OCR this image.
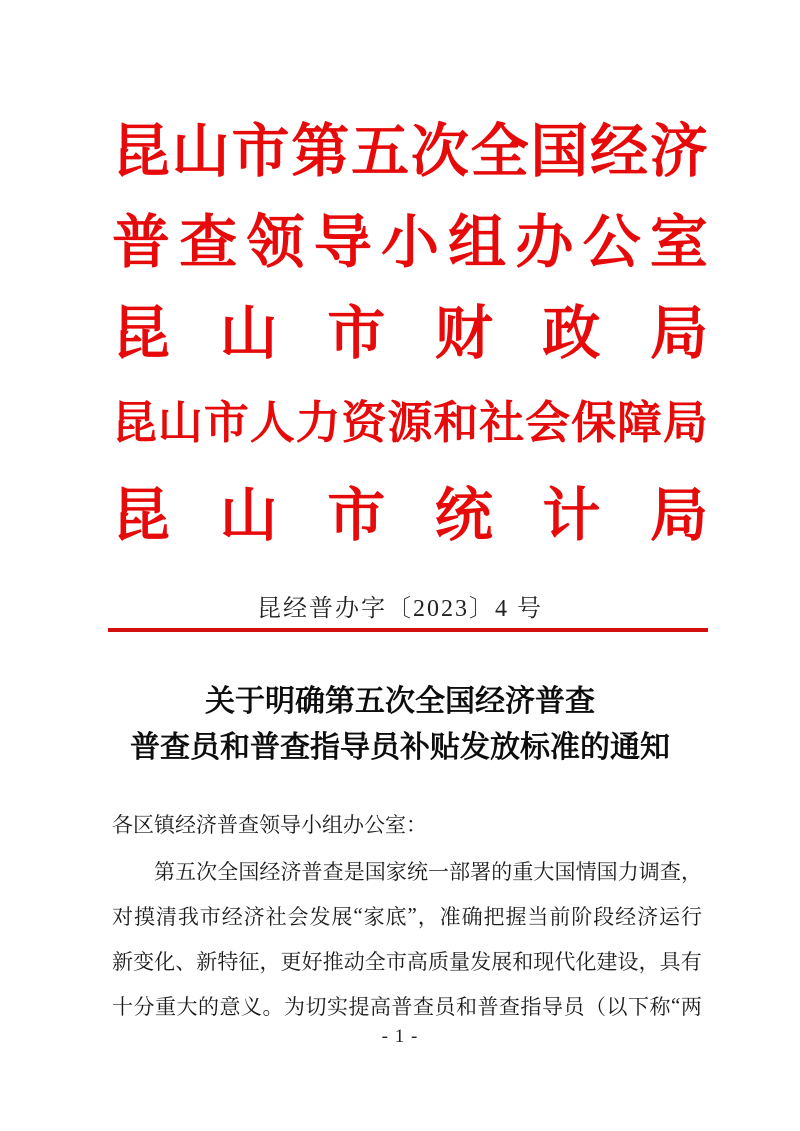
昆 山 市 第 五 次 全 国 经 济
普 查 领 导 小 组 办 公 室
昆 山 市 财 政 局
昆 山 市 人 力 资 源 和 社 会 保 障 局
昆 山 市 统 计 局
昆经普办字〔2023〕4 号
关于明确第五次全国经济普查
普查员和普查指导员补贴发放标准的通知
各区镇经济普查领导小组办公室：
第 五 次 全 国 经 济 普 查 是 国 家 统 一 部 署 的 重 大 国 情 国 力 调 查 ，
对 摸 清 我 市 经 济 社 会 发 展 “ 家 底 ” ， 准 确 把 握 当 前 阶 段 经 济 运 行
新 变 化 、 新 特 征 ， 更 好 推 动 全 市 高 质 量 发 展 和 现 代 化 建 设 ， 具 有
十 分 重 大 的 意 义 。 为 切 实 提 高 普 查 员 和 普 查 指 导 员 （ 以 下 称 “ 两
- 1 -
